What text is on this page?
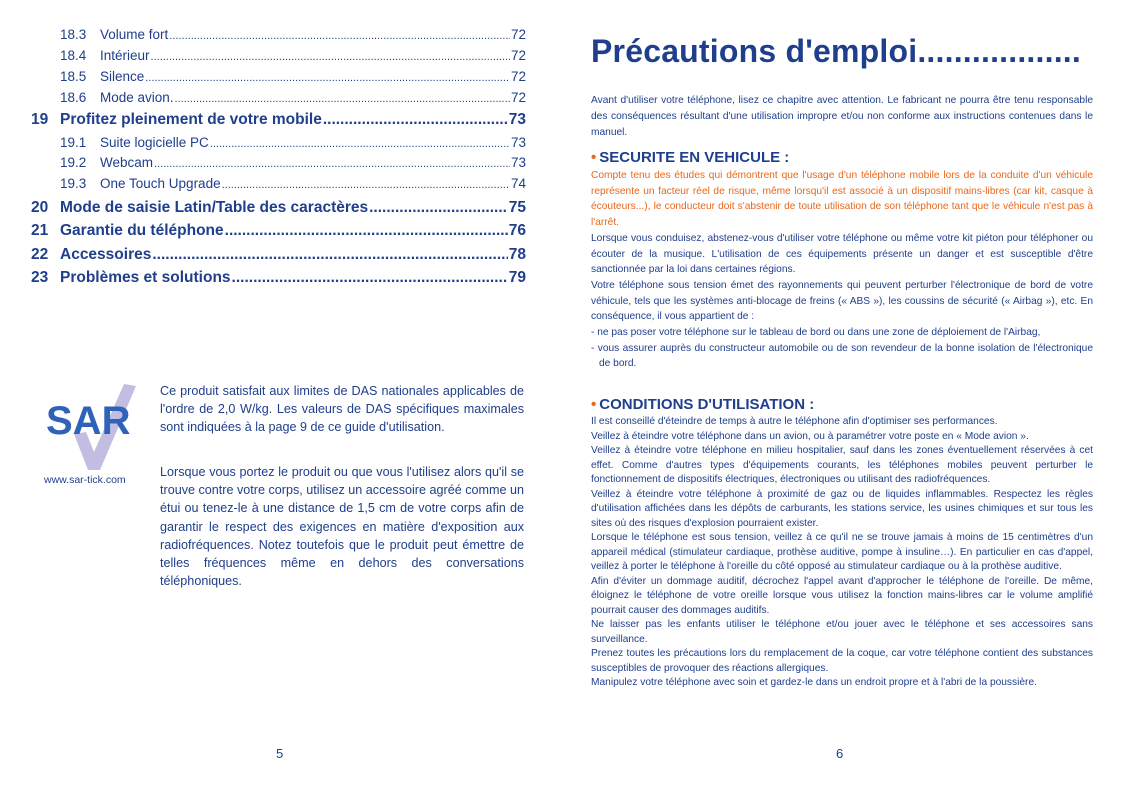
18.3	Volume fort .....	72
18.4	Intérieur .....	72
18.5	Silence .....	72
18.6	Mode avion. .....	72
19 Profitez pleinement de votre mobile .....	73
19.1	Suite logicielle PC .....	73
19.2	Webcam .....	73
19.3	One Touch Upgrade .....	74
20 Mode de saisie Latin/Table des caractères .....	75
21 Garantie du téléphone .....	76
22 Accessoires .....	78
23 Problèmes et solutions .....	79
SAR
www.sar-tick.com

Ce produit satisfait aux limites de DAS nationales applicables de l'ordre de 2,0 W/kg. Les valeurs de DAS spécifiques maximales sont indiquées à la page 9 de ce guide d'utilisation.

Lorsque vous portez le produit ou que vous l'utilisez alors qu'il se trouve contre votre corps, utilisez un accessoire agréé comme un étui ou tenez-le à une distance de 1,5 cm de votre corps afin de garantir le respect des exigences en matière d'exposition aux radiofréquences. Notez toutefois que le produit peut émettre de telles fréquences même en dehors des conversations téléphoniques.

5
Précautions d'emploi..................

Avant d'utiliser votre téléphone, lisez ce chapitre avec attention. Le fabricant ne pourra être tenu responsable des conséquences résultant d'une utilisation impropre et/ou non conforme aux instructions contenues dans le manuel.

• SECURITE EN VEHICULE :
Compte tenu des études qui démontrent que l'usage d'un téléphone mobile lors de la conduite d'un véhicule représente un facteur réel de risque, même lorsqu'il est associé à un dispositif mains-libres (car kit, casque à écouteurs...), le conducteur doit s'abstenir de toute utilisation de son téléphone tant que le véhicule n'est pas à l'arrêt.
Lorsque vous conduisez, abstenez-vous d'utiliser votre téléphone ou même votre kit piéton pour téléphoner ou écouter de la musique. L'utilisation de ces équipements présente un danger et est susceptible d'être sanctionnée par la loi dans certaines régions.
Votre téléphone sous tension émet des rayonnements qui peuvent perturber l'électronique de bord de votre véhicule, tels que les systèmes anti-blocage de freins (« ABS »), les coussins de sécurité (« Airbag »), etc. En conséquence, il vous appartient de :
- ne pas poser votre téléphone sur le tableau de bord ou dans une zone de déploiement de l'Airbag,
- vous assurer auprès du constructeur automobile ou de son revendeur de la bonne isolation de l'électronique de bord.
• CONDITIONS D'UTILISATION :
Il est conseillé d'éteindre de temps à autre le téléphone afin d'optimiser ses performances.
Veillez à éteindre votre téléphone dans un avion, ou à paramétrer votre poste en « Mode avion ».
Veillez à éteindre votre téléphone en milieu hospitalier, sauf dans les zones éventuellement réservées à cet effet. Comme d'autres types d'équipements courants, les téléphones mobiles peuvent perturber le fonctionnement de dispositifs électriques, électroniques ou utilisant des radiofréquences.
Veillez à éteindre votre téléphone à proximité de gaz ou de liquides inflammables. Respectez les règles d'utilisation affichées dans les dépôts de carburants, les stations service, les usines chimiques et sur tous les sites où des risques d'explosion pourraient exister.
Lorsque le téléphone est sous tension, veillez à ce qu'il ne se trouve jamais à moins de 15 centimètres d'un appareil médical (stimulateur cardiaque, prothèse auditive, pompe à insuline…). En particulier en cas d'appel, veillez à porter le téléphone à l'oreille du côté opposé au stimulateur cardiaque ou à la prothèse auditive.
Afin d'éviter un dommage auditif, décrochez l'appel avant d'approcher le téléphone de l'oreille. De même, éloignez le téléphone de votre oreille lorsque vous utilisez la fonction mains-libres car le volume amplifié pourrait causer des dommages auditifs.
Ne laisser pas les enfants utiliser le téléphone et/ou jouer avec le téléphone et ses accessoires sans surveillance.
Prenez toutes les précautions lors du remplacement de la coque, car votre téléphone contient des substances susceptibles de provoquer des réactions allergiques.
Manipulez votre téléphone avec soin et gardez-le dans un endroit propre et à l'abri de la poussière.
6
